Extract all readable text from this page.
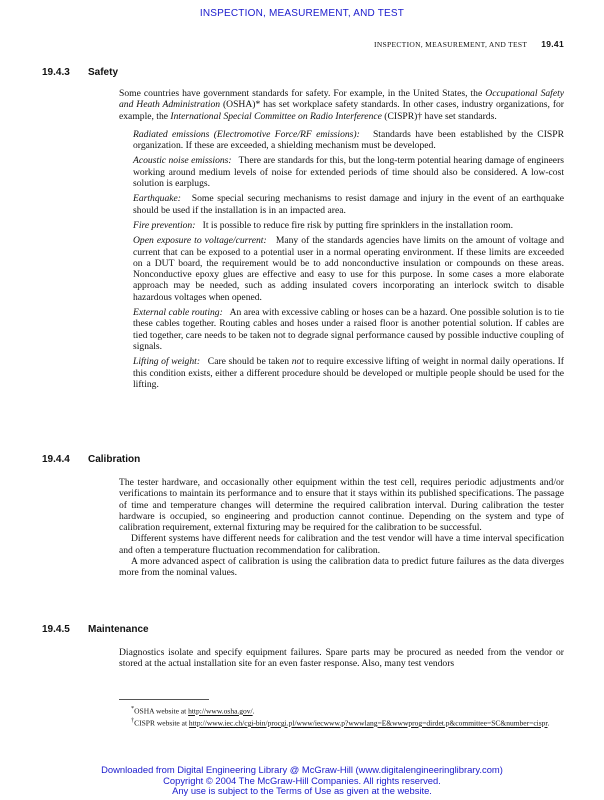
INSPECTION, MEASUREMENT, AND TEST
INSPECTION, MEASUREMENT, AND TEST 19.41
19.4.3 Safety

Some countries have government standards for safety. For example, in the United States, the Occupational Safety and Heath Administration (OSHA)* has set workplace safety standards. In other cases, industry organizations, for example, the International Special Committee on Radio Interference (CISPR)† have set standards.

Radiated emissions (Electromotive Force/RF emissions): Standards have been established by the CISPR organization. If these are exceeded, a shielding mechanism must be developed.

Acoustic noise emissions: There are standards for this, but the long-term potential hearing damage of engineers working around medium levels of noise for extended periods of time should also be considered. A low-cost solution is earplugs.

Earthquake: Some special securing mechanisms to resist damage and injury in the event of an earthquake should be used if the installation is in an impacted area.

Fire prevention: It is possible to reduce fire risk by putting fire sprinklers in the installation room.

Open exposure to voltage/current: Many of the standards agencies have limits on the amount of voltage and current that can be exposed to a potential user in a normal operating environment. If these limits are exceeded on a DUT board, the requirement would be to add nonconductive insulation or compounds on these areas. Nonconductive epoxy glues are effective and easy to use for this purpose. In some cases a more elaborate approach may be needed, such as adding insulated covers incorporating an interlock switch to disable hazardous voltages when opened.

External cable routing: An area with excessive cabling or hoses can be a hazard. One possible solution is to tie these cables together. Routing cables and hoses under a raised floor is another potential solution. If cables are tied together, care needs to be taken not to degrade signal performance caused by possible inductive coupling of signals.

Lifting of weight: Care should be taken not to require excessive lifting of weight in normal daily operations. If this condition exists, either a different procedure should be developed or multiple people should be used for the lifting.

19.4.4 Calibration

The tester hardware, and occasionally other equipment within the test cell, requires periodic adjustments and/or verifications to maintain its performance and to ensure that it stays within its published specifications. The passage of time and temperature changes will determine the required calibration interval. During calibration the tester hardware is occupied, so engineering and production cannot continue. Depending on the system and type of calibration requirement, external fixturing may be required for the calibration to be successful.

Different systems have different needs for calibration and the test vendor will have a time interval specification and often a temperature fluctuation recommendation for calibration.

A more advanced aspect of calibration is using the calibration data to predict future failures as the data diverges more from the nominal values.

19.4.5 Maintenance

Diagnostics isolate and specify equipment failures. Spare parts may be procured as needed from the vendor or stored at the actual installation site for an even faster response. Also, many test vendors

*OSHA website at http://www.osha.gov/.

†CISPR website at http://www.iec.ch/cgi-bin/procgi.pl/www/iecwww.p?wwwlang=E&wwwprog=dirdet.p&committee=SC&number=cispr.

Downloaded from Digital Engineering Library @ McGraw-Hill (www.digitalengineeringlibrary.com)
Copyright © 2004 The McGraw-Hill Companies. All rights reserved.
Any use is subject to the Terms of Use as given at the website.
